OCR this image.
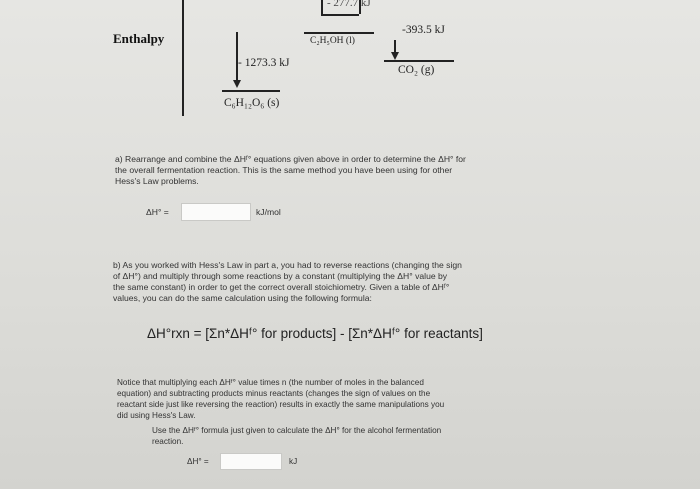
- 277.7 kJ
Enthalpy	C₂H₅OH (l)
-393.5 kJ
CO₂ (g)
- 1273.3 kJ
C₆H₁₂O₆ (s)
a) Rearrange and combine the ΔHᶠ° equations given above in order to determine the ΔH° for
the overall fermentation reaction. This is the same method you have been using for other
Hess's Law problems.
ΔH° =	kJ/mol
b) As you worked with Hess's Law in part a, you had to reverse reactions (changing the sign
of ΔH°) and multiply through some reactions by a constant (multiplying the ΔH° value by
the same constant) in order to get the correct overall stoichiometry. Given a table of ΔHᶠ°
values, you can do the same calculation using the following formula:
ΔH°rxn = [Σn*ΔHᶠ° for products] - [Σn*ΔHᶠ° for reactants]
Notice that multiplying each ΔHᶠ° value times n (the number of moles in the balanced
equation) and subtracting products minus reactants (changes the sign of values on the
reactant side just like reversing the reaction) results in exactly the same manipulations you
did using Hess's Law.
Use the ΔHᶠ° formula just given to calculate the ΔH° for the alcohol fermentation
reaction.
ΔH° =	kJ
